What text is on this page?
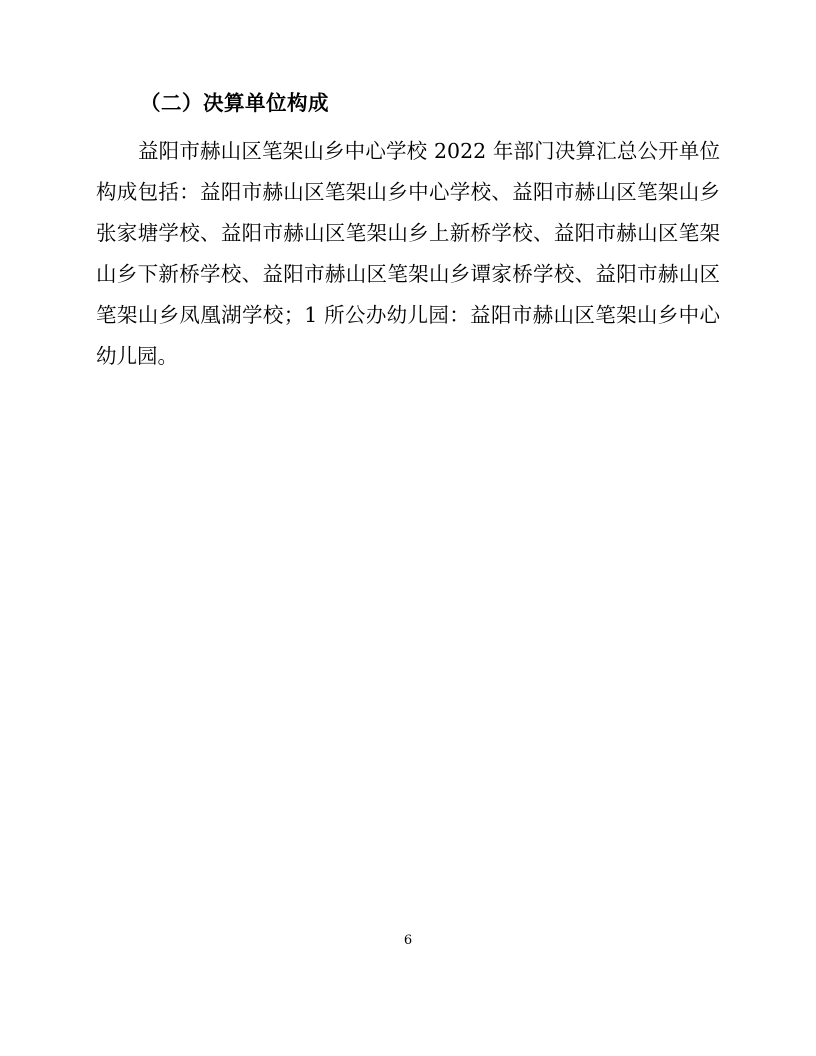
（二）决算单位构成

益阳市赫山区笔架山乡中心学校 2022 年部门决算汇总公开单位构成包括：益阳市赫山区笔架山乡中心学校、益阳市赫山区笔架山乡张家塘学校、益阳市赫山区笔架山乡上新桥学校、益阳市赫山区笔架山乡下新桥学校、益阳市赫山区笔架山乡谭家桥学校、益阳市赫山区笔架山乡凤凰湖学校；1 所公办幼儿园：益阳市赫山区笔架山乡中心幼儿园。

6
